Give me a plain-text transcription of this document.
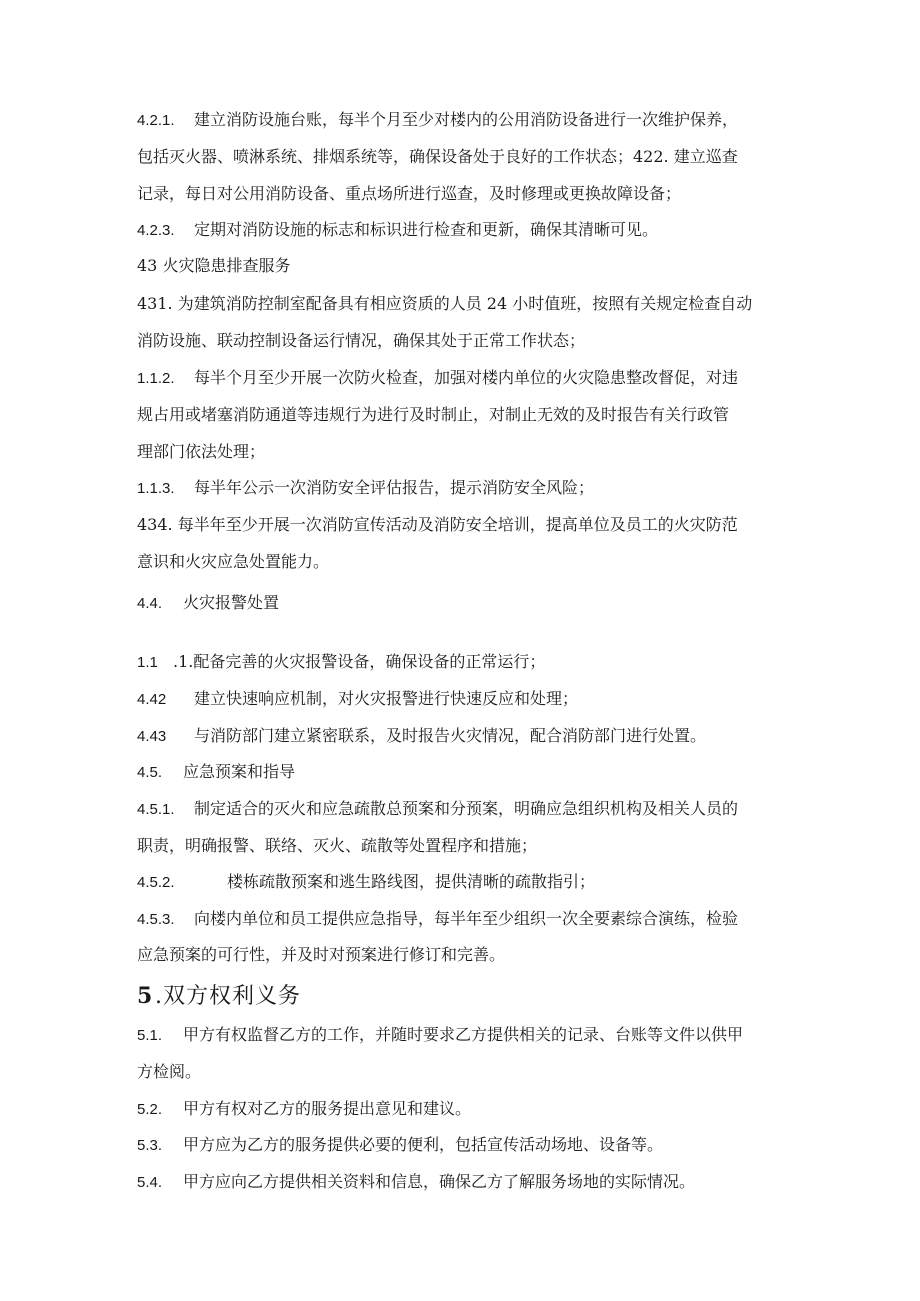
4.2.1. 建立消防设施台账，每半个月至少对楼内的公用消防设备进行一次维护保养，
包括灭火器、喷淋系统、排烟系统等，确保设备处于良好的工作状态；422. 建立巡查
记录，每日对公用消防设备、重点场所进行巡查，及时修理或更换故障设备；
4.2.3. 定期对消防设施的标志和标识进行检查和更新，确保其清晰可见。
43 火灾隐患排查服务
431. 为建筑消防控制室配备具有相应资质的人员 24 小时值班，按照有关规定检查自动
消防设施、联动控制设备运行情况，确保其处于正常工作状态；
1.1.2. 每半个月至少开展一次防火检查，加强对楼内单位的火灾隐患整改督促，对违
规占用或堵塞消防通道等违规行为进行及时制止，对制止无效的及时报告有关行政管
理部门依法处理；
1.1.3. 每半年公示一次消防安全评估报告，提示消防安全风险；
434. 每半年至少开展一次消防宣传活动及消防安全培训，提高单位及员工的火灾防范
意识和火灾应急处置能力。
4.4. 火灾报警处置
1.1 .1.配备完善的火灾报警设备，确保设备的正常运行；
4.42 建立快速响应机制，对火灾报警进行快速反应和处理；
4.43 与消防部门建立紧密联系，及时报告火灾情况，配合消防部门进行处置。
4.5. 应急预案和指导
4.5.1. 制定适合的灭火和应急疏散总预案和分预案，明确应急组织机构及相关人员的
职责，明确报警、联络、灭火、疏散等处置程序和措施；
4.5.2.	楼栋疏散预案和逃生路线图，提供清晰的疏散指引；
4.5.3. 向楼内单位和员工提供应急指导，每半年至少组织一次全要素综合演练，检验
应急预案的可行性，并及时对预案进行修订和完善。
5.双方权利义务
5.1. 甲方有权监督乙方的工作，并随时要求乙方提供相关的记录、台账等文件以供甲
方检阅。
5.2. 甲方有权对乙方的服务提出意见和建议。
5.3. 甲方应为乙方的服务提供必要的便利，包括宣传活动场地、设备等。
5.4. 甲方应向乙方提供相关资料和信息，确保乙方了解服务场地的实际情况。
